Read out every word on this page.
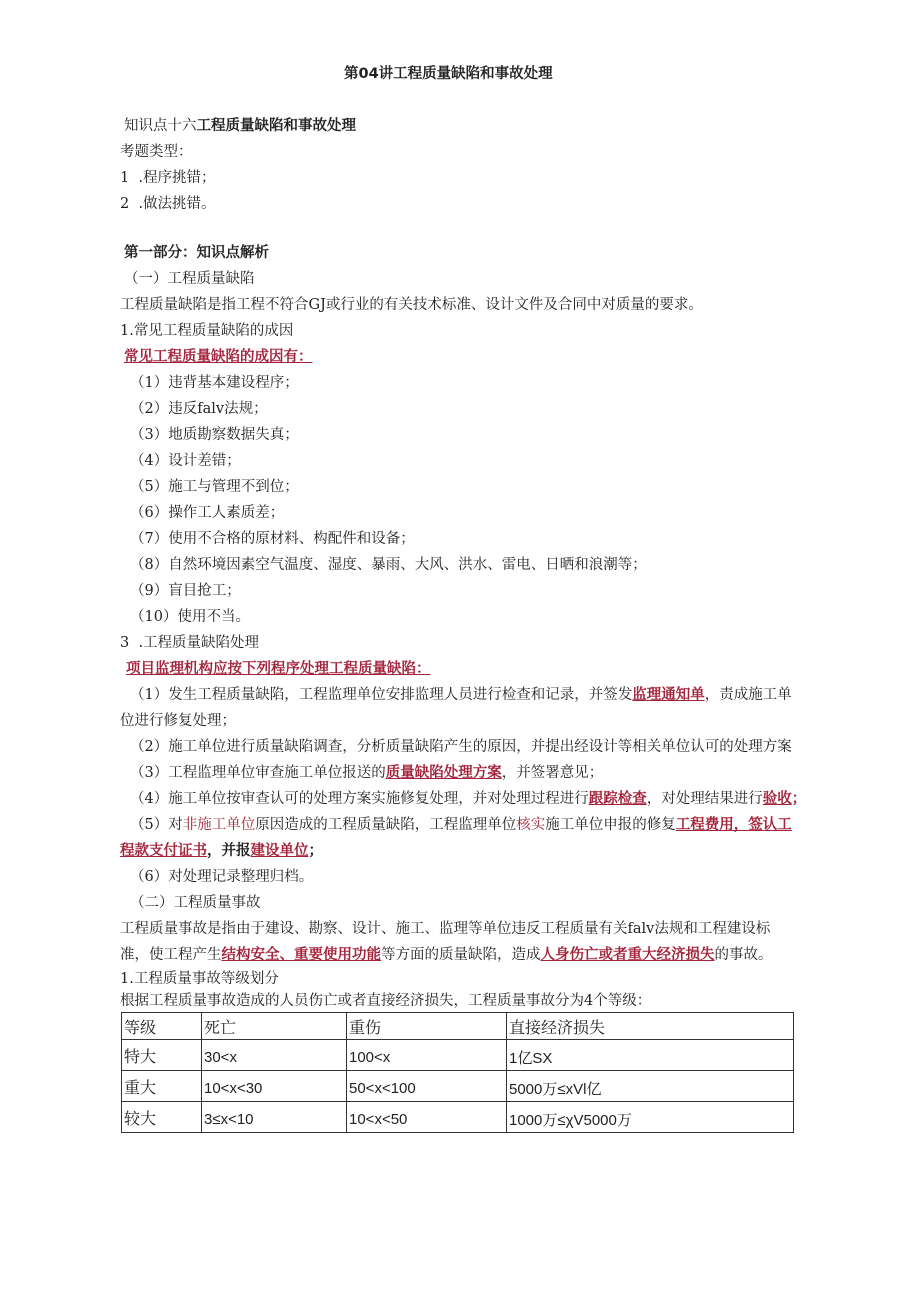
第04讲工程质量缺陷和事故处理
知识点十六工程质量缺陷和事故处理
考题类型：
1  .程序挑错；
2  .做法挑错。
第一部分：知识点解析
（一）工程质量缺陷
工程质量缺陷是指工程不符合GJ或行业的有关技术标准、设计文件及合同中对质量的要求。
1.常见工程质量缺陷的成因
常见工程质量缺陷的成因有：
（1）违背基本建设程序；
（2）违反falv法规；
（3）地质勘察数据失真；
（4）设计差错；
（5）施工与管理不到位；
（6）操作工人素质差；
（7）使用不合格的原材料、构配件和设备；
（8）自然环境因素空气温度、湿度、暴雨、大风、洪水、雷电、日晒和浪潮等；
（9）盲目抢工；
（10）使用不当。
3  .工程质量缺陷处理
项目监理机构应按下列程序处理工程质量缺陷：
（1）发生工程质量缺陷，工程监理单位安排监理人员进行检查和记录，并签发监理通知单，责成施工单
位进行修复处理；
（2）施工单位进行质量缺陷调查，分析质量缺陷产生的原因，并提出经设计等相关单位认可的处理方案
（3）工程监理单位审查施工单位报送的质量缺陷处理方案，并签署意见；
（4）施工单位按审查认可的处理方案实施修复处理，并对处理过程进行跟踪检查，对处理结果进行验收；
（5）对非施工单位原因造成的工程质量缺陷，工程监理单位核实施工单位申报的修复工程费用，签认工
程款支付证书，并报建设单位；
（6）对处理记录整理归档。
（二）工程质量事故
工程质量事故是指由于建设、勘察、设计、施工、监理等单位违反工程质量有关falv法规和工程建设标
准，使工程产生结构安全、重要使用功能等方面的质量缺陷，造成人身伤亡或者重大经济损失的事故。
1.工程质量事故等级划分
根据工程质量事故造成的人员伤亡或者直接经济损失，工程质量事故分为4个等级：
等级	死亡	重伤	直接经济损失
特大	30<x	100<x	1亿SX
重大	10<x<30	50<x<100	5000万≤xVl亿
较大	3≤x<10	10<x<50	1000万≤χV5000万
